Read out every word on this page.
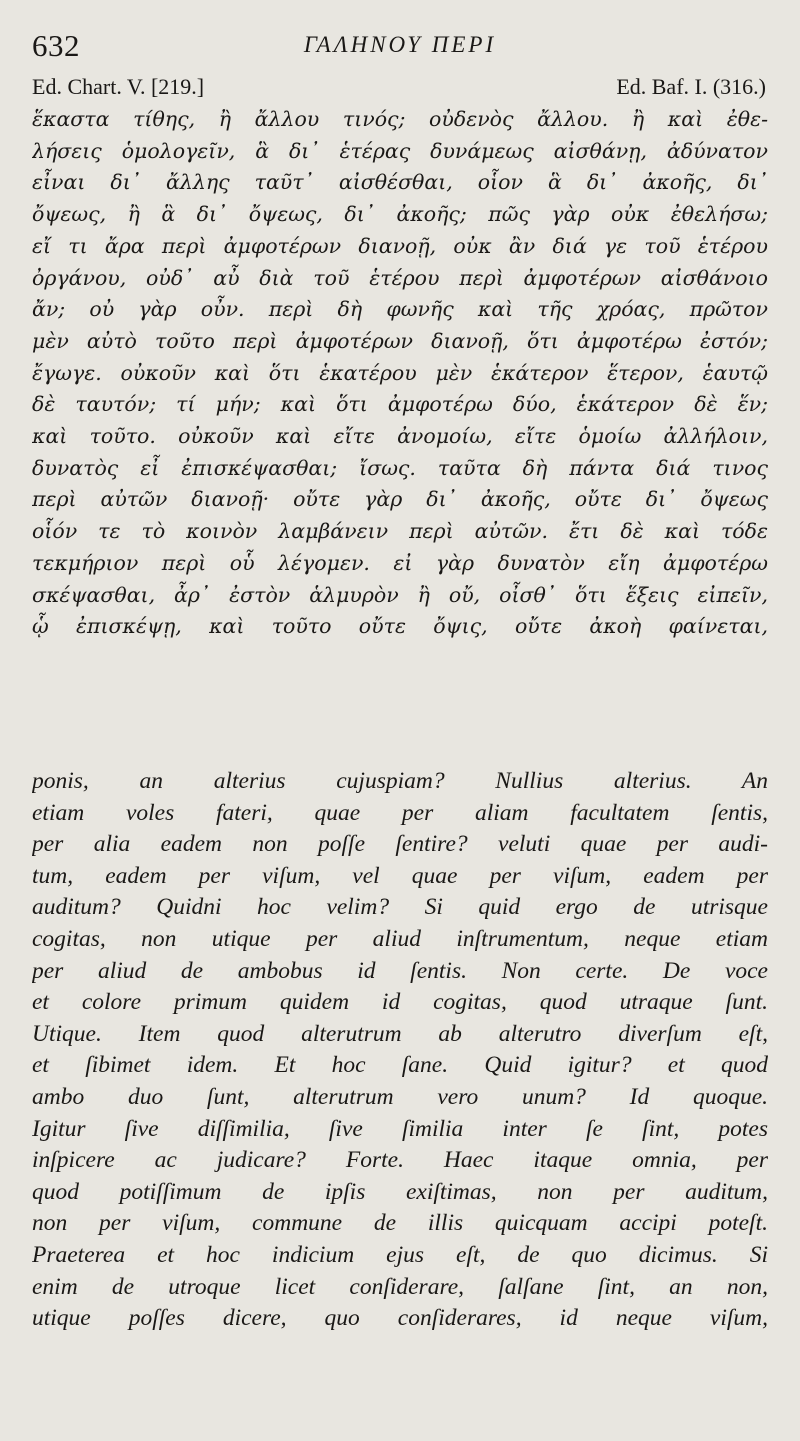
632	ΓΑΛΗΝΟΥ ΠΕΡΙ
Ed. Chart. V. [219.]	Ed. Baf. I. (316.)
ἕκαστα τίθης, ἢ ἄλλου τινός; οὐδενὸς ἄλλου. ἢ καὶ ἐθε-
λήσεις ὁμολογεῖν, ἃ δι᾽ ἑτέρας δυνάμεως αἰσθάνῃ, ἀδύνατον
εἶναι δι᾽ ἄλλης ταῦτ᾽ αἰσθέσθαι, οἷον ἃ δι᾽ ἀκοῆς, δι᾽
ὄψεως, ἢ ἃ δι᾽ ὄψεως, δι᾽ ἀκοῆς; πῶς γὰρ οὐκ ἐθελήσω;
εἴ τι ἄρα περὶ ἀμφοτέρων διανοῇ, οὐκ ἂν διά γε τοῦ ἑτέρου
ὀργάνου, οὐδ᾽ αὖ διὰ τοῦ ἑτέρου περὶ ἀμφοτέρων αἰσθάνοιο
ἄν; οὐ γὰρ οὖν. περὶ δὴ φωνῆς καὶ τῆς χρόας, πρῶτον
μὲν αὐτὸ τοῦτο περὶ ἀμφοτέρων διανοῇ, ὅτι ἀμφοτέρω ἐστόν;
ἔγωγε. οὐκοῦν καὶ ὅτι ἑκατέρου μὲν ἑκάτερον ἕτερον, ἑαυτῷ
δὲ ταυτόν; τί μήν; καὶ ὅτι ἀμφοτέρω δύο, ἑκάτερον δὲ ἕν;
καὶ τοῦτο. οὐκοῦν καὶ εἴτε ἀνομοίω, εἴτε ὁμοίω ἀλλήλοιν,
δυνατὸς εἶ ἐπισκέψασθαι; ἴσως. ταῦτα δὴ πάντα διά τινος
περὶ αὐτῶν διανοῇ· οὔτε γὰρ δι᾽ ἀκοῆς, οὔτε δι᾽ ὄψεως
οἷόν τε τὸ κοινὸν λαμβάνειν περὶ αὐτῶν. ἔτι δὲ καὶ τόδε
τεκμήριον περὶ οὗ λέγομεν. εἰ γὰρ δυνατὸν εἴη ἀμφοτέρω
σκέψασθαι, ἆρ᾽ ἐστὸν ἁλμυρὸν ἢ οὔ, οἶσθ᾽ ὅτι ἕξεις εἰπεῖν,
ᾧ ἐπισκέψῃ, καὶ τοῦτο οὔτε ὄψις, οὔτε ἀκοὴ φαίνεται,
ponis, an alterius cujuspiam? Nullius alterius. An
etiam voles fateri, quae per aliam facultatem ſentis,
per alia eadem non poſſe ſentire? veluti quae per audi-
tum, eadem per viſum, vel quae per viſum, eadem per
auditum? Quidni hoc velim? Si quid ergo de utrisque
cogitas, non utique per aliud inſtrumentum, neque etiam
per aliud de ambobus id ſentis. Non certe. De voce
et colore primum quidem id cogitas, quod utraque ſunt.
Utique. Item quod alterutrum ab alterutro diverſum eſt,
et ſibimet idem. Et hoc ſane. Quid igitur? et quod
ambo duo ſunt, alterutrum vero unum? Id quoque.
Igitur ſive diſſimilia, ſive ſimilia inter ſe ſint, potes
inſpicere ac judicare? Forte. Haec itaque omnia, per
quod potiſſimum de ipſis exiſtimas, non per auditum,
non per viſum, commune de illis quicquam accipi poteſt.
Praeterea et hoc indicium ejus eſt, de quo dicimus. Si
enim de utroque licet conſiderare, ſalſane ſint, an non,
utique poſſes dicere, quo conſiderares, id neque viſum,
